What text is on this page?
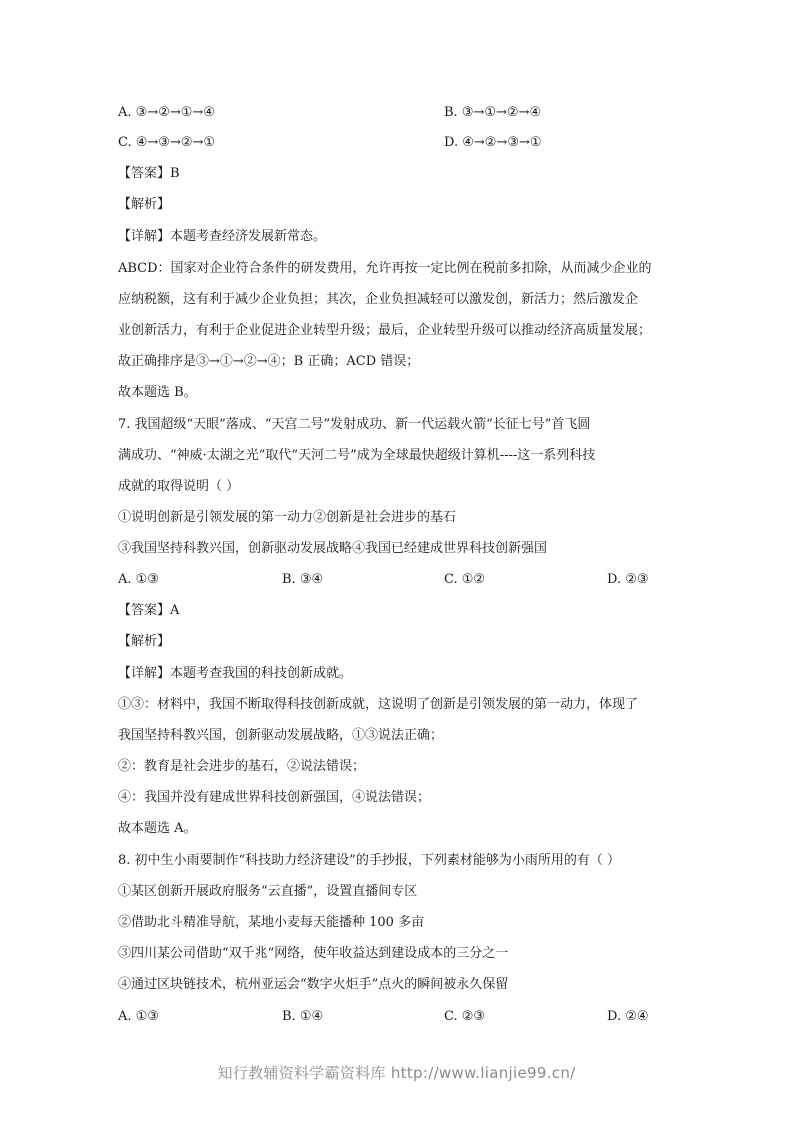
A. ③→②→①→④	B. ③→①→②→④
C. ④→③→②→①	D. ④→②→③→①
【答案】B
【解析】
【详解】本题考查经济发展新常态。
ABCD：国家对企业符合条件的研发费用，允许再按一定比例在税前多扣除，从而减少企业的
应纳税额，这有利于减少企业负担；其次，企业负担减轻可以激发创，新活力；然后激发企
业创新活力，有利于企业促进企业转型升级；最后，企业转型升级可以推动经济高质量发展；
故正确排序是③→①→②→④；B 正确；ACD 错误；
故本题选 B。
7. 我国超级“天眼”落成、“天宫二号”发射成功、新一代运载火箭“长征七号”首飞圆
满成功、“神威·太湖之光”取代“天河二号”成为全球最快超级计算机----这一系列科技
成就的取得说明（ ）
①说明创新是引领发展的第一动力②创新是社会进步的基石
③我国坚持科教兴国，创新驱动发展战略④我国已经建成世界科技创新强国
A. ①③	B. ③④	C. ①②	D. ②③
【答案】A
【解析】
【详解】本题考查我国的科技创新成就。
①③：材料中，我国不断取得科技创新成就，这说明了创新是引领发展的第一动力，体现了
我国坚持科教兴国，创新驱动发展战略，①③说法正确；
②：教育是社会进步的基石，②说法错误；
④：我国并没有建成世界科技创新强国，④说法错误；
故本题选 A。
8. 初中生小雨要制作“科技助力经济建设”的手抄报，下列素材能够为小雨所用的有（ ）
①某区创新开展政府服务“云直播”，设置直播间专区
②借助北斗精准导航，某地小麦每天能播种 100 多亩
③四川某公司借助“双千兆”网络，使年收益达到建设成本的三分之一
④通过区块链技术，杭州亚运会“数字火炬手”点火的瞬间被永久保留
A. ①③	B. ①④	C. ②③	D. ②④
知行教辅资料学霸资料库 http://www.lianjie99.cn/
